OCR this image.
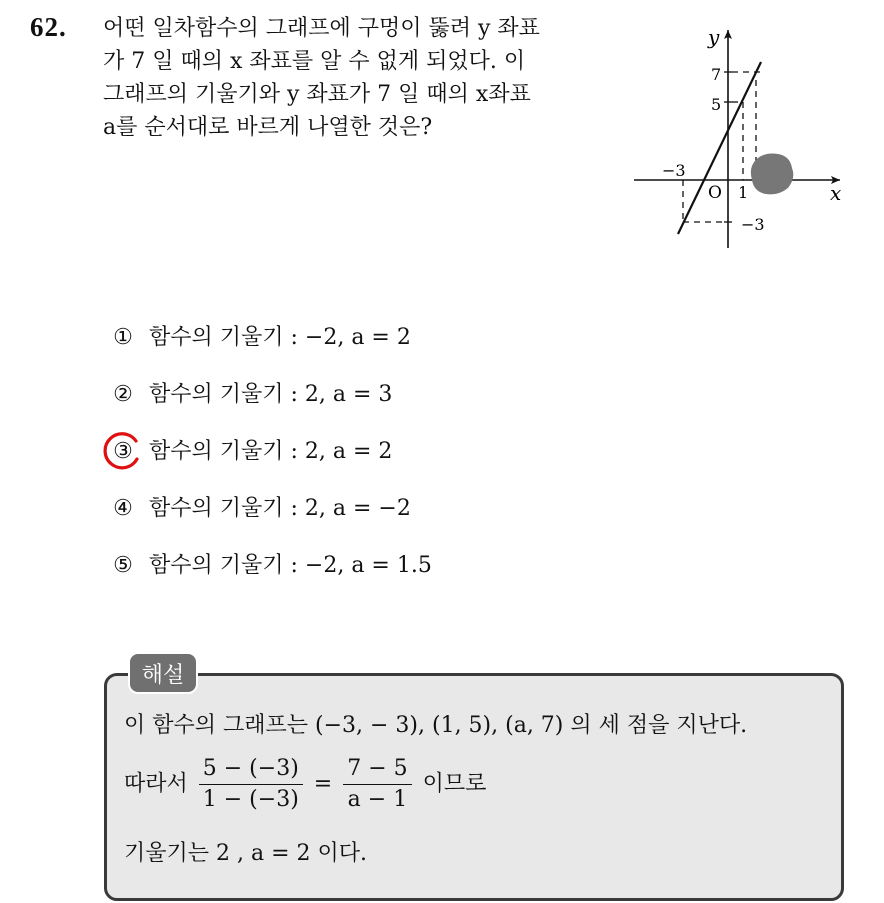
62. 어떤 일차함수의 그래프에 구멍이 뚫려 y 좌표
가 7 일 때의 x 좌표를 알 수 없게 되었다. 이
그래프의 기울기와 y 좌표가 7 일 때의 x좌표
a를 순서대로 바르게 나열한 것은?
y
x
O
7
5
−3
1
−3
① 함수의 기울기 : −2, a = 2
② 함수의 기울기 : 2, a = 3
③ 함수의 기울기 : 2, a = 2
④ 함수의 기울기 : 2, a = −2
⑤ 함수의 기울기 : −2, a = 1.5
해설
이 함수의 그래프는 (−3, − 3), (1, 5), (a, 7) 의 세 점을 지난다.
따라서 $\frac{5 - (-3)}{1 - (-3)} = \frac{7 - 5}{a - 1}$ 이므로
기울기는 2 , a = 2 이다.
